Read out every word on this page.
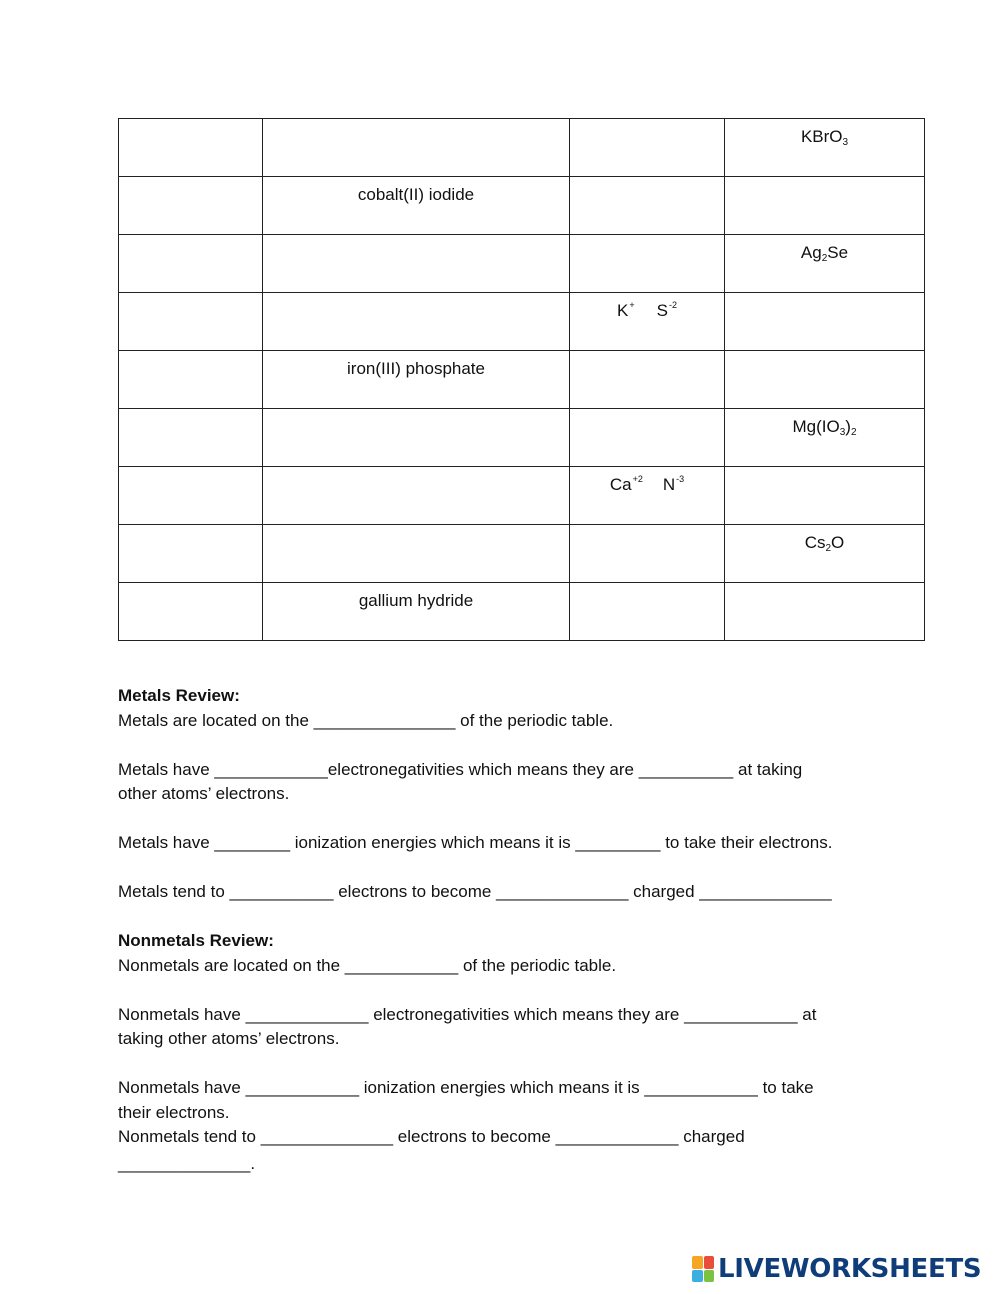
			KBrO$_3$

	cobalt(II) iodide		

			$Ag_2Se$

		K+ $S^{-2}$

	iron(III) phosphate		

			$Mg(IO_3)_2$

		$Ca^{+2}$ $N^{-3}$

			$Cs_2O$

	gallium hydride		

Metals Review:

Metals are located on the _______________ of the periodic table.

Metals have ____________electronegativities which means they are __________ at taking

other atoms’ electrons.

Metals have ________ ionization energies which means it is _________ to take their electrons.

Metals tend to ___________ electrons to become ______________ charged ______________

Nonmetals Review:

Nonmetals are located on the ____________ of the periodic table.

Nonmetals have _____________ electronegativities which means they are ____________ at

taking other atoms’ electrons.

Nonmetals have ____________ ionization energies which means it is ____________ to take

their electrons.

Nonmetals tend to ______________ electrons to become _____________ charged

______________.

LIVEWORKSHEETS
